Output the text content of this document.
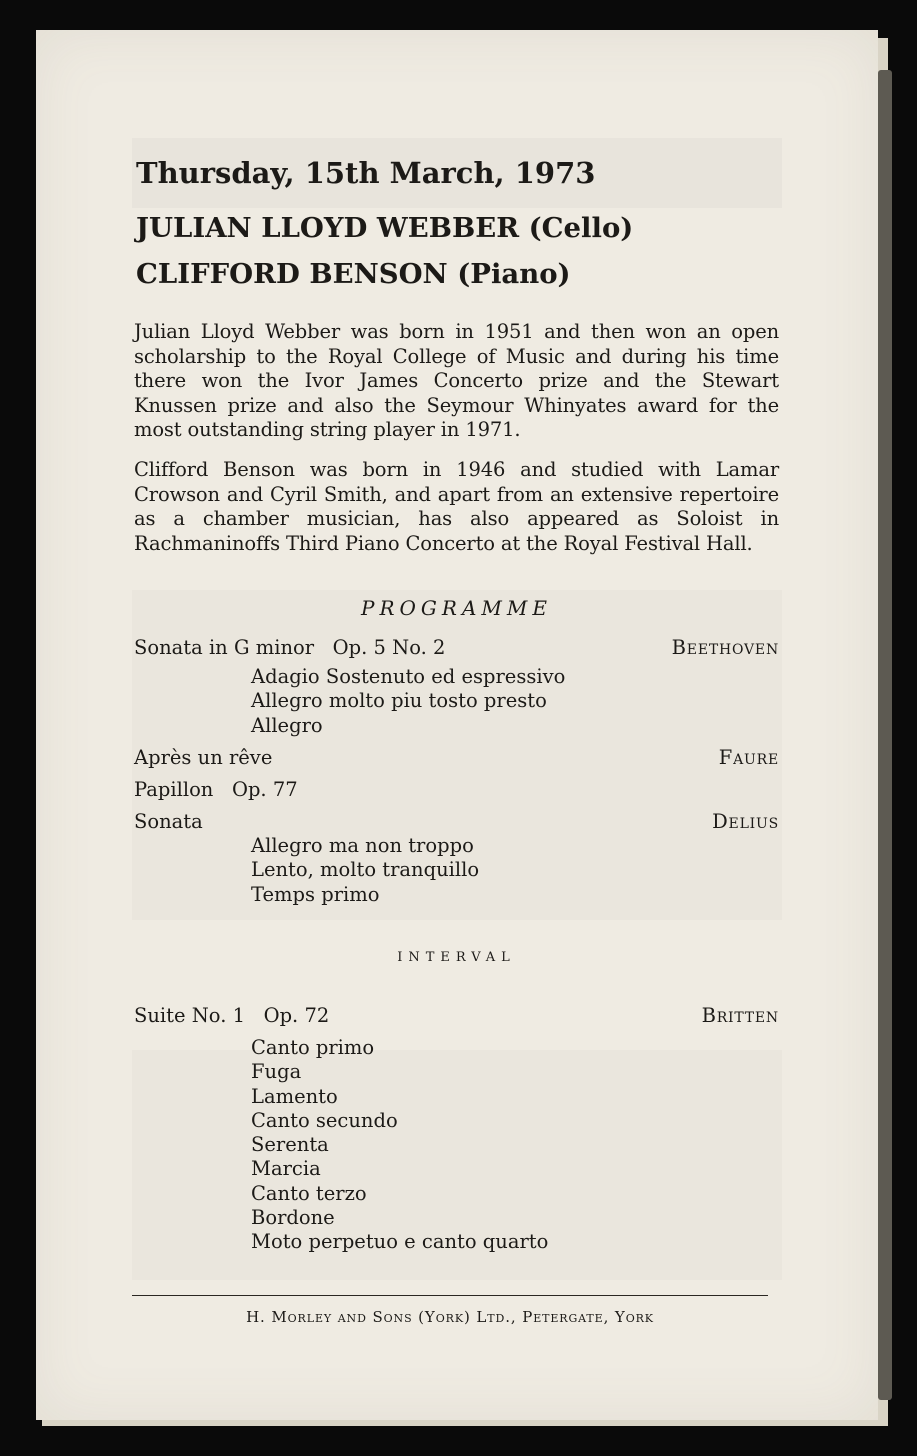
Thursday, 15th March, 1973
JULIAN LLOYD WEBBER (Cello)
CLIFFORD BENSON (Piano)

Julian Lloyd Webber was born in 1951 and then won an open scholarship to the Royal College of Music and during his time there won the Ivor James Concerto prize and the Stewart Knussen prize and also the Seymour Whinyates award for the most outstanding string player in 1971.

Clifford Benson was born in 1946 and studied with Lamar Crowson and Cyril Smith, and apart from an extensive repertoire as a chamber musician, has also appeared as Soloist in Rachmaninoffs Third Piano Concerto at the Royal Festival Hall.

PROGRAMME
Sonata in G minor   Op. 5 No. 2	Beethoven
Adagio Sostenuto ed espressivo
Allegro molto piu tosto presto
Allegro
Après un rêve	Faure
Papillon   Op. 77
Sonata	Delius
Allegro ma non troppo
Lento, molto tranquillo
Temps primo
INTERVAL
Suite No. 1   Op. 72	Britten
Canto primo
Fuga
Lamento
Canto secundo
Serenta
Marcia
Canto terzo
Bordone
Moto perpetuo e canto quarto
H. Morley and Sons (York) Ltd., Petergate, York
